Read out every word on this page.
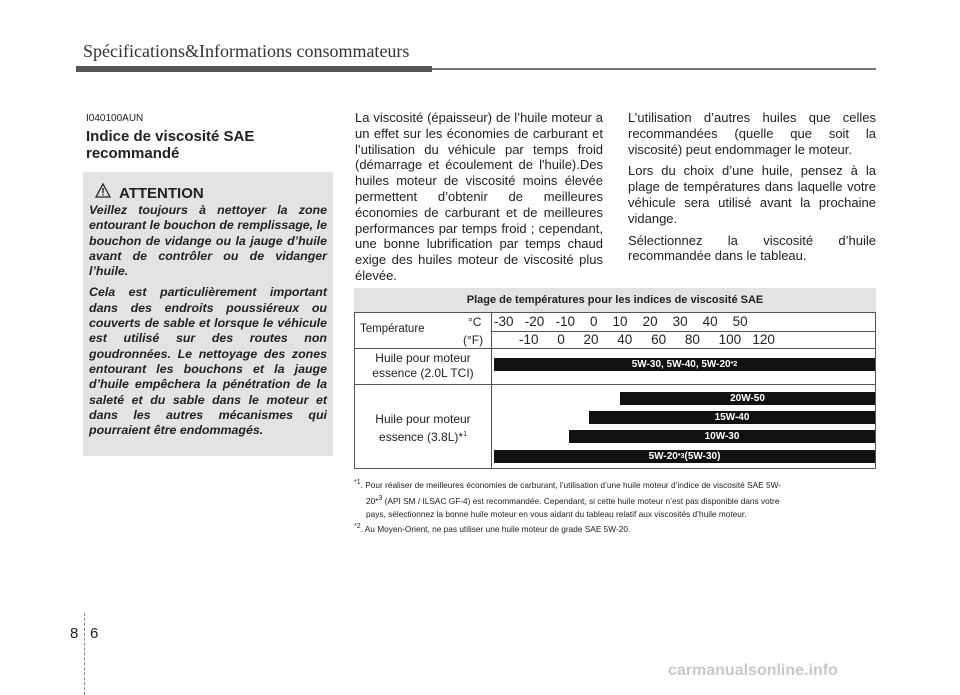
Spécifications&Informations consommateurs
I040100AUN
Indice de viscosité SAE recommandé
ATTENTION

Veillez toujours à nettoyer la zone entourant le bouchon de remplissage, le bouchon de vidange ou la jauge d’huile avant de contrôler ou de vidanger l’huile.

Cela est particulièrement important dans des endroits poussiéreux ou couverts de sable et lorsque le véhicule est utilisé sur des routes non goudronnées. Le nettoyage des zones entourant les bouchons et la jauge d’huile empêchera la pénétration de la saleté et du sable dans le moteur et dans les autres mécanismes qui pourraient être endommagés.

La viscosité (épaisseur) de l’huile moteur a un effet sur les économies de carburant et l’utilisation du véhicule par temps froid (démarrage et écoulement de l'huile).Des huiles moteur de viscosité moins élevée permettent d’obtenir de meilleures économies de carburant et de meilleures performances par temps froid ; cependant, une bonne lubrification par temps chaud exige des huiles moteur de viscosité plus élevée.

L’utilisation d’autres huiles que celles recommandées (quelle que soit la viscosité) peut endommager le moteur.

Lors du choix d’une huile, pensez à la plage de températures dans laquelle votre véhicule sera utilisé avant la prochaine vidange.

Sélectionnez la viscosité d’huile recommandée dans le tableau.

Plage de températures pour les indices de viscosité SAE
Température	°C
(°F)
-30   -20   -10    0    10    20    30    40    50
-10     0     20     40     60     80     100   120
Huile pour moteur
essence (2.0L TCI)
Huile pour moteur
essence (3.8L)*$^1$
5W-30, 5W-40, 5W-20 *2
20W-50
15W-40
10W-30
5W-20 *3 (5W-30)
$^{*1}$. Pour réaliser de meilleures économies de carburant, l’utilisation d’une huile moteur d’indice de viscosité SAE 5W-
20*$^3$ (API SM / ILSAC GF-4) est recommandée. Cependant, si cette huile moteur n’est pas disponible dans votre
pays, sélectionnez la bonne huile moteur en vous aidant du tableau relatif aux viscosités d’huile moteur.
$^{*2}$. Au Moyen-Orient, ne pas utiliser une huile moteur de grade SAE 5W-20.
8 6
carmanualsonline.info
